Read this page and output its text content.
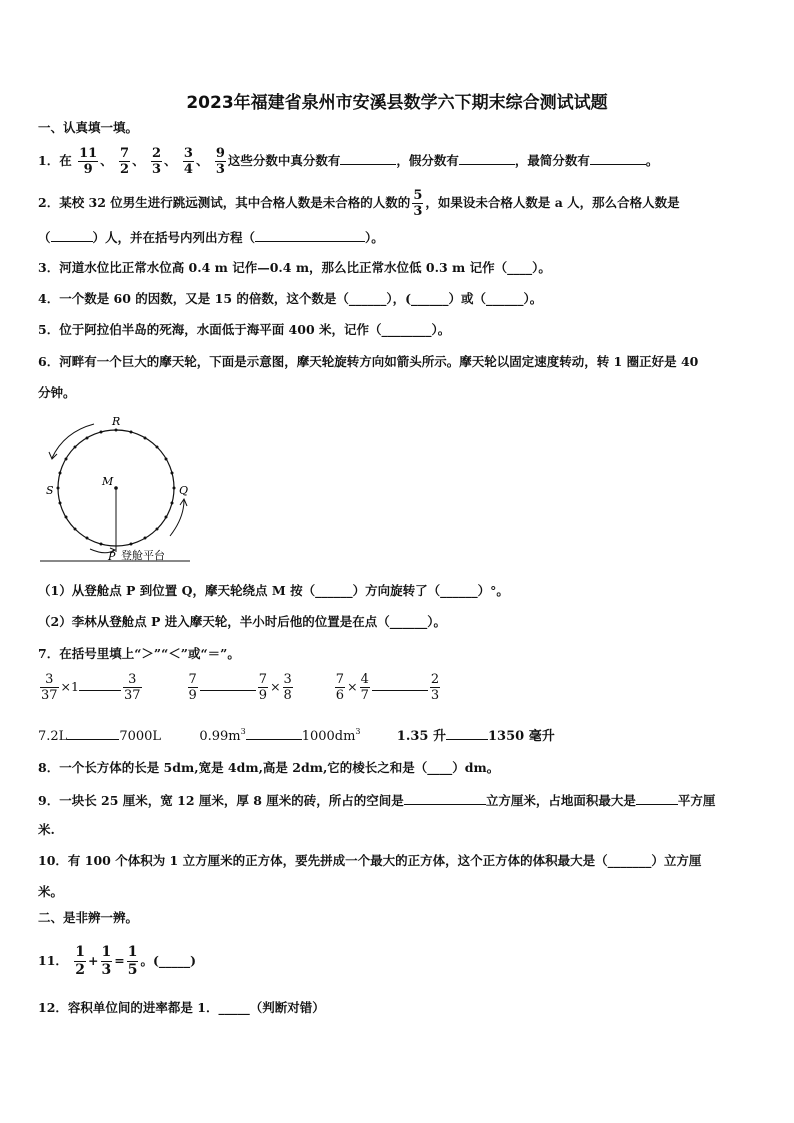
2023年福建省泉州市安溪县数学六下期末综合测试试题
一、认真填一填。
1．在 $\frac{11}{9}$ 、 $\frac{7}{2}$ 、 $\frac{2}{3}$ 、 $\frac{3}{4}$ 、 $\frac{9}{3}$ 这些分数中真分数有	，假分数有	，最简分数有	。
2．某校 32 位男生进行跳远测试，其中合格人数是未合格的人数的 $\frac{5}{3}$ ，如果设未合格人数是 a 人，那么合格人数是
（	）人，并在括号内列出方程（	）。
3．河道水位比正常水位高 0.4 m 记作—0.4 m，那么比正常水位低 0.3 m 记作（____）。
4．一个数是 60 的因数，又是 15 的倍数，这个数是（______），(______）或（______）。
5．位于阿拉伯半岛的死海，水面低于海平面 400 米，记作（________）。
6．河畔有一个巨大的摩天轮，下面是示意图，摩天轮旋转方向如箭头所示。摩天轮以固定速度转动，转 1 圈正好是 40
分钟。
R
M
S	Q
P 登舱平台
（1）从登舱点 P 到位置 Q，摩天轮绕点 M 按（______）方向旋转了（______）°。
（2）李林从登舱点 P 进入摩天轮，半小时后他的位置是在点（______）。
7．在括号里填上“＞”“＜”或“＝”。
$\frac{3}{37} \times 1$	$\frac{3}{37}$
	$\frac{7}{9}$	$\frac{7}{9} \times \frac{3}{8}$
	$\frac{7}{6} \times \frac{4}{7}$	$\frac{2}{3}$
7.2L	7000L	$0.99m^3$	$1000dm^3$	1.35 升	1350 毫升
8．一个长方体的长是 5dm,宽是 4dm,高是 2dm,它的棱长之和是（____）dm。
9．一块长 25 厘米，宽 12 厘米，厚 8 厘米的砖，所占的空间是	立方厘米，占地面积最大是	平方厘
米.
10．有 100 个体积为 1 立方厘米的正方体，要先拼成一个最大的正方体，这个正方体的体积最大是（_______）立方厘
米。
二、是非辨一辨。
11． $\frac{1}{2} + \frac{1}{3} = \frac{1}{5}$ 。(_____)
12．容积单位间的进率都是 1．_____（判断对错）
